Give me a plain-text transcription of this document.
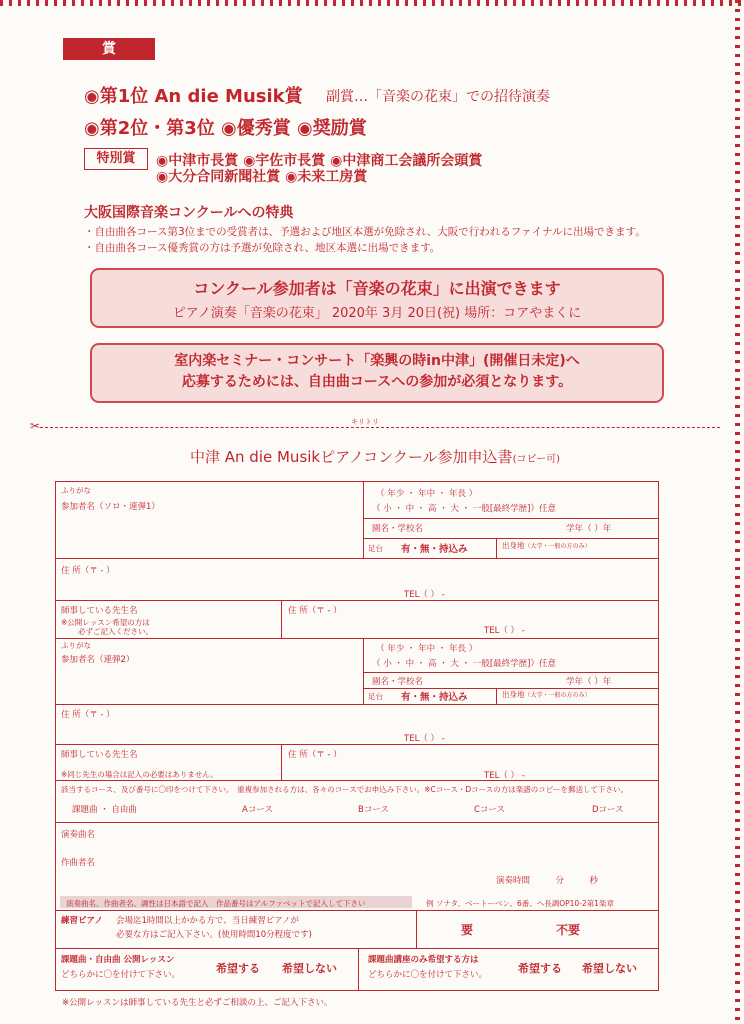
賞
◉第1位 An die Musik賞 副賞…「音楽の花束」での招待演奏
◉第2位・第3位 ◉優秀賞 ◉奨励賞
特別賞	◉中津市長賞 ◉宇佐市長賞 ◉中津商工会議所会頭賞
◉大分合同新聞社賞 ◉未来工房賞
大阪国際音楽コンクールへの特典
・自由曲各コース第3位までの受賞者は、予選および地区本選が免除され、大阪で行われるファイナルに出場できます。
・自由曲各コース優秀賞の方は予選が免除され、地区本選に出場できます。
コンクール参加者は「音楽の花束」に出演できます
ピアノ演奏「音楽の花束」 2020年 3月 20日(祝) 場所：コアやまくに
室内楽セミナー・コンサート「楽興の時in中津」(開催日未定)へ
応募するためには、自由曲コースへの参加が必須となります。
✂	キリトリ
中津 An die Musikピアノコンクール参加申込書(コピー可)
ふりがな
参加者名（ソロ・連弾1）
（ 年少 ・ 年中 ・ 年長 ）
（ 小 ・ 中 ・ 高 ・ 大 ・ 一般[最終学歴]）任意
園名・学校名	学年（ ）年
足台 有・無・持込み	出身地（大学・一般の方のみ）
住 所（〒 - ）
TEL（ ） -
師事している先生名
※公開レッスン希望の方は
必ずご記入ください。
住 所（〒 - ）
TEL（ ） -
ふりがな
参加者名（連弾2）
（ 年少 ・ 年中 ・ 年長 ）
（ 小 ・ 中 ・ 高 ・ 大 ・ 一般[最終学歴]）任意
園名・学校名	学年（ ）年
足台 有・無・持込み	出身地（大学・一般の方のみ）
住 所（〒 - ）
TEL（ ） -
師事している先生名
※同じ先生の場合は記入の必要はありません。
住 所（〒 - ）
TEL（ ） -
該当するコース、及び番号に〇印をつけて下さい。　重複参加される方は、各々のコースでお申込み下さい。※Cコース・Dコースの方は楽譜のコピーを郵送して下さい。
課題曲 ・ 自由曲	Aコース	Bコース	Cコース	Dコース
演奏曲名
作曲者名
演奏時間　　　分　　　秒
演奏曲名、作曲者名、調性は日本語で記入　作品番号はアルファベットで記入して下さい	例 ソナタ、ベートーベン、6番、へ長調OP10-2第1楽章
練習ピアノ 会場迄1時間以上かかる方で、当日練習ピアノが
必要な方はご記入下さい。(使用時間10分程度です)	要	不要
課題曲・自由曲 公開レッスン
どちらかに〇を付けて下さい。	希望する 希望しない
課題曲講座のみ希望する方は
どちらかに〇を付けて下さい。	希望する 希望しない
※公開レッスンは師事している先生と必ずご相談の上、ご記入下さい。
